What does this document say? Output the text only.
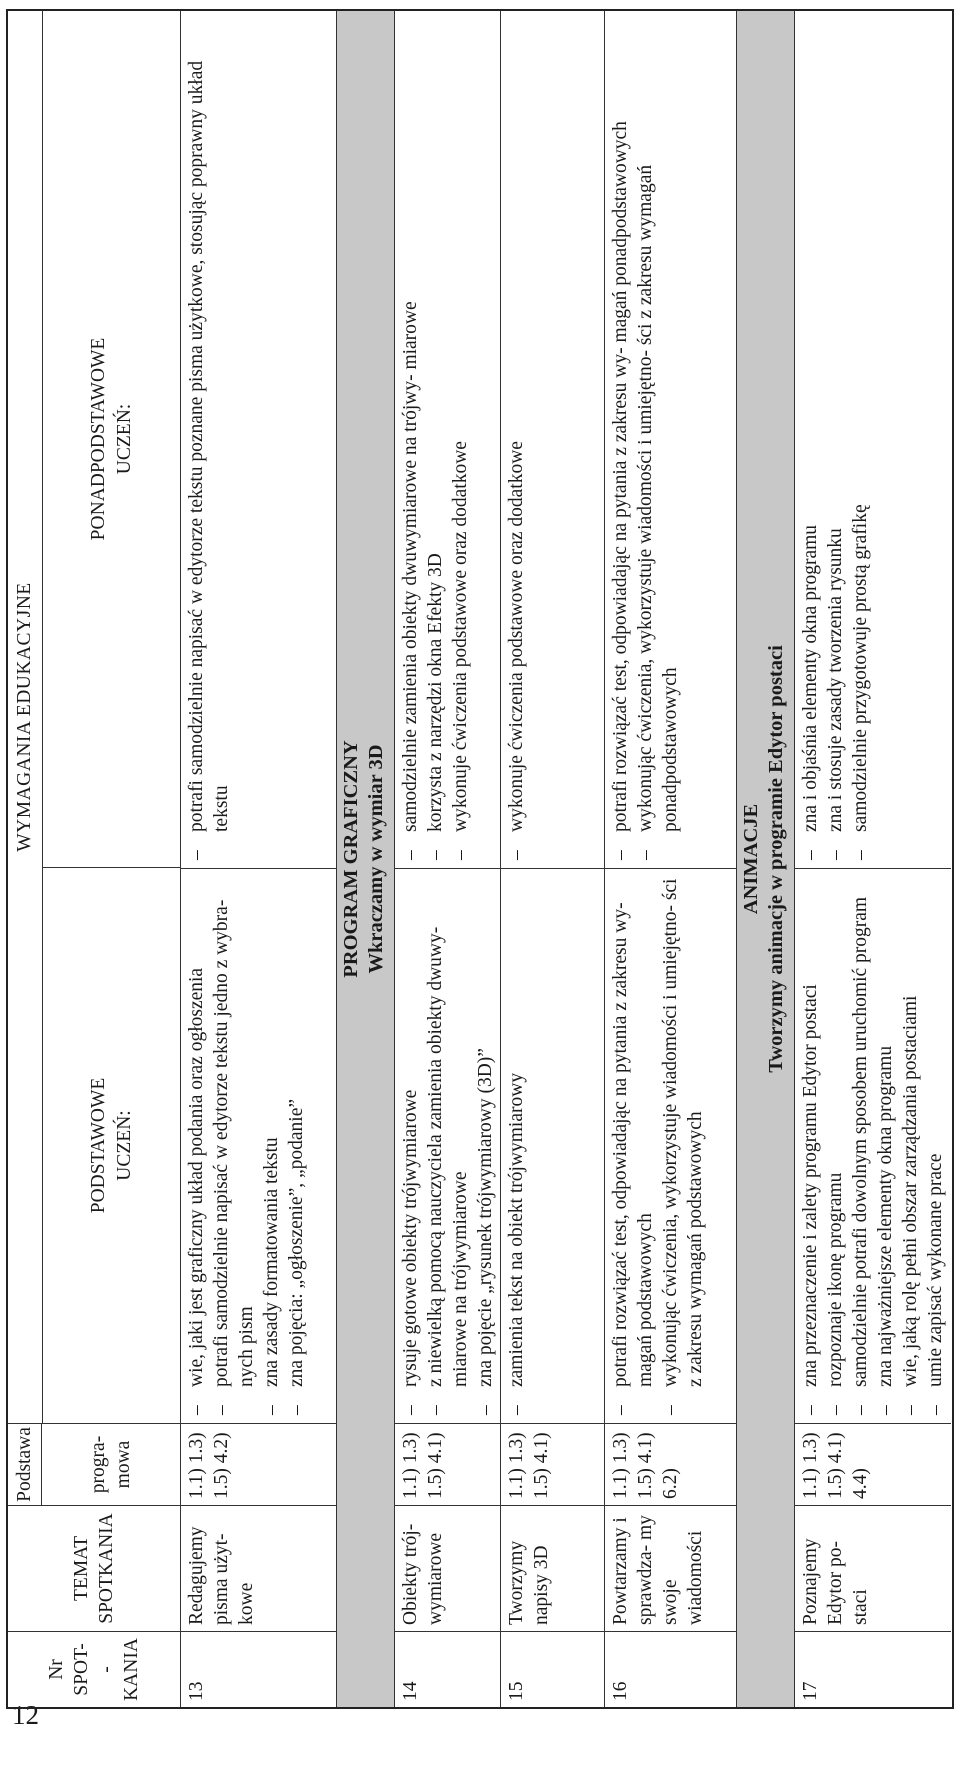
12
Nr SPOT- -KANIA
TEMAT SPOTKANIA
Podstawa	progra- mowa
WYMAGANIA EDUKACYJNE
PODSTAWOWE UCZEŃ:
PONADPODSTAWOWE UCZEŃ:
13
Redagujemy pisma użyt- kowe
1.1) 1.3) 1.5) 4.2)
– wie, jaki jest graficzny układ podania oraz ogłoszenia – potrafi samodzielnie napisać w edytorze tekstu jedno z wybra- nych pism – zna zasady formatowania tekstu – zna pojęcia: „ogłoszenie”, „podanie”
– potrafi samodzielnie napisać w edytorze tekstu poznane pisma użytkowe, stosując poprawny układ tekstu	PROGRAM GRAFICZNY Wkraczamy w wymiar 3D
14
Obiekty trój- wymiarowe
1.1) 1.3) 1.5) 4.1)
– rysuje gotowe obiekty trójwymiarowe – z niewielką pomocą nauczyciela zamienia obiekty dwuwy- miarowe na trójwymiarowe – zna pojęcie „rysunek trójwymiarowy (3D)”
– samodzielnie zamienia obiekty dwuwymiarowe na trójwy- miarowe – korzysta z narzędzi okna Efekty 3D – wykonuje ćwiczenia podstawowe oraz dodatkowe
15
Tworzymy napisy 3D
1.1) 1.3) 1.5) 4.1)
– zamienia tekst na obiekt trójwymiarowy
– wykonuje ćwiczenia podstawowe oraz dodatkowe
16
Powtarzamy i sprawdza- my swoje wiadomości
1.1) 1.3) 1.5) 4.1) 6.2)
– potrafi rozwiązać test, odpowiadając na pytania z zakresu wy- magań podstawowych – wykonując ćwiczenia, wykorzystuje wiadomości i umiejętno- ści z zakresu wymagań podstawowych
– potrafi rozwiązać test, odpowiadając na pytania z zakresu wy- magań ponadpodstawowych – wykonując ćwiczenia, wykorzystuje wiadomości i umiejętno- ści z zakresu wymagań ponadpodstawowych
ANIMACJE Tworzymy animacje w programie Edytor postaci
17
Poznajemy Edytor po- staci
1.1) 1.3) 1.5) 4.1) 4.4)
– zna przeznaczenie i zalety programu Edytor postaci – rozpoznaje ikonę programu – samodzielnie potrafi dowolnym sposobem uruchomić program – zna najważniejsze elementy okna programu – wie, jaką rolę pełni obszar zarządzania postaciami – umie zapisać wykonane prace
– zna i objaśnia elementy okna programu – zna i stosuje zasady tworzenia rysunku – samodzielnie przygotowuje prostą grafikę
